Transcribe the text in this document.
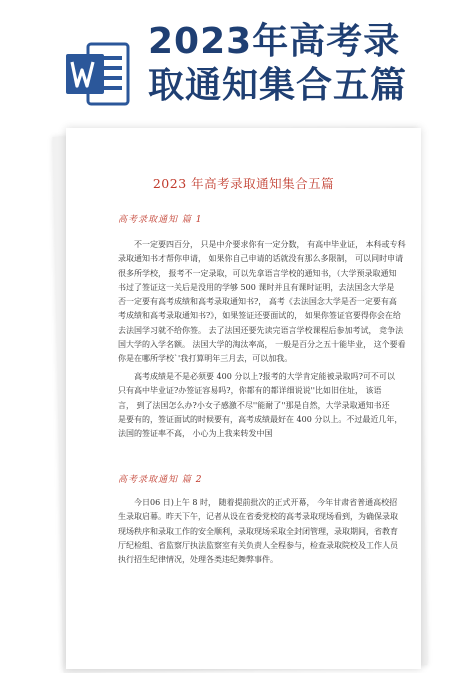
2023年高考录
取通知集合五篇
2023 年高考录取通知集合五篇
高考录取通知 篇 1

不一定要四百分， 只是中介要求你有一定分数， 有高中毕业证， 本科或专科
录取通知书才帮你申请， 如果你自己申请的话就没有那么多限制， 可以同时申请
很多所学校， 报考不一定录取，可以先拿语言学校的通知书，（大学预录取通知
书过了签证这一关后是没用的学够 500 课时并且有课时证明，去法国念大学是
否一定要有高考成绩和高考录取通知书?， 高考《去法国念大学是否一定要有高
考成绩和高考录取通知书?》，如果签证还要面试的， 如果你签证官要得你会在给
去法国学习就不给你签。 去了法国还要先读完语言学校课程后参加考试， 竞争法
国大学的入学名额。 法国大学的淘汰率高， 一般是百分之五十能毕业， 这个要看
你是在哪所学校`'我打算明年三月去，可以加我。

高考成绩是不是必须要 400 分以上?报考的大学肯定能被录取吗?可不可以
只有高中毕业证?办签证容易吗?，你都有的都详细说说''比如旧住址， 该语
言， 到了法国怎么办?小女子感激不尽''能耐了''那是自然，大学录取通知书还
是要有的，签证面试的时候要有，高考成绩最好在 400 分以上。不过最近几年，
法国的签证率不高， 小心为上我来转发中国

高考录取通知 篇 2

今日06 日)上午 8 时， 随着提前批次的正式开幕， 今年甘肃省普通高校招
生录取启幕。昨天下午，记者从设在省委党校的高考录取现场看到，为确保录取
现场秩序和录取工作的安全顺利，录取现场采取全封闭管理，录取期间，省教育
厅纪检组、省监察厅执法监察室有关负责人全程参与，检查录取院校及工作人员
执行招生纪律情况，处理各类违纪舞弊事件。
